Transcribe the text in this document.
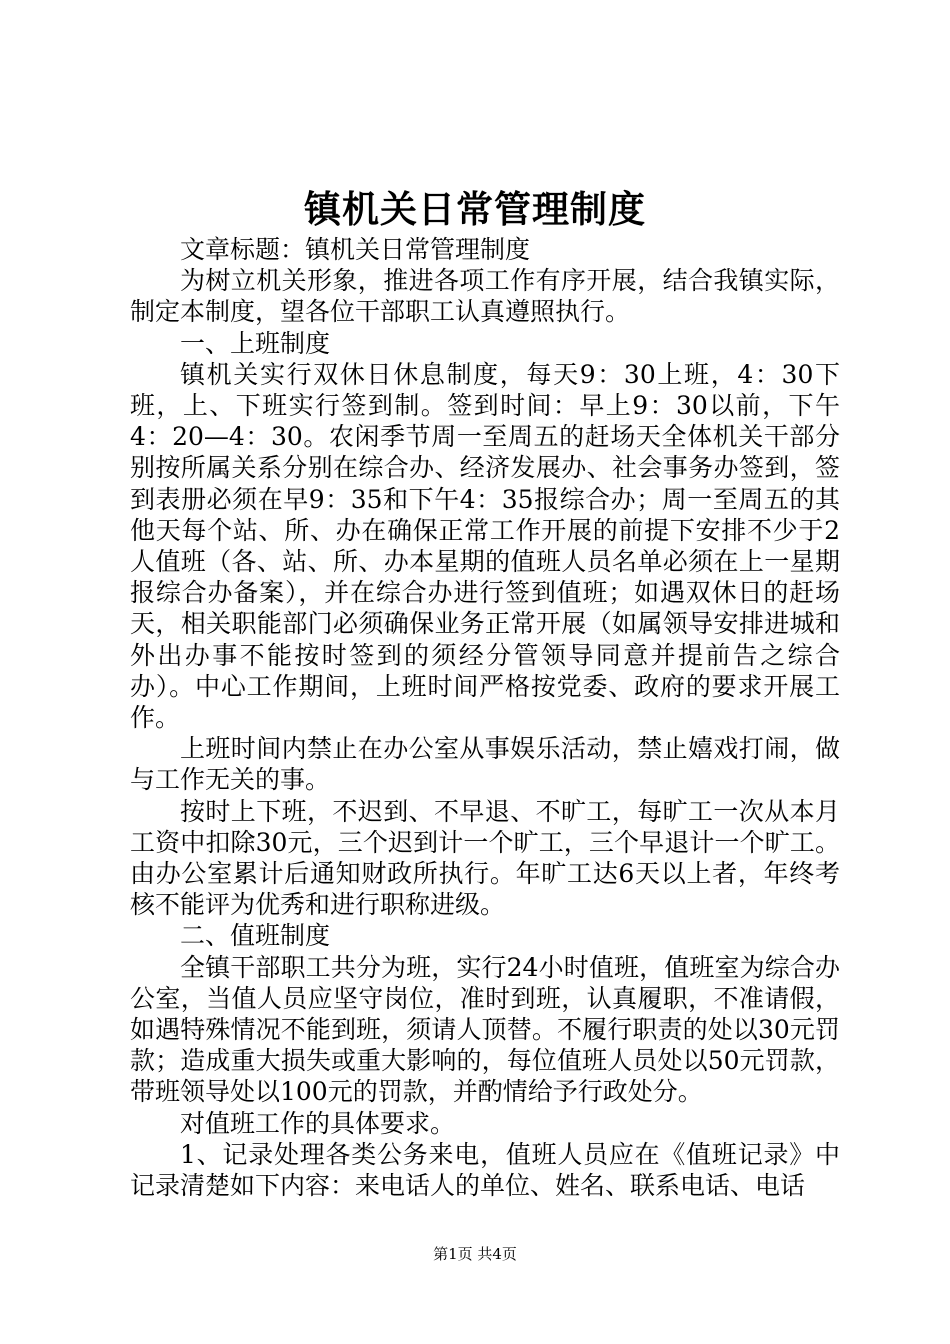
镇机关日常管理制度

文章标题：镇机关日常管理制度

为树立机关形象，推进各项工作有序开展，结合我镇实际，制定本制度，望各位干部职工认真遵照执行。

一、上班制度

镇机关实行双休日休息制度，每天9：30上班，4：30下班，上、下班实行签到制。签到时间：早上9：30以前，下午4：20—4：30。农闲季节周一至周五的赶场天全体机关干部分别按所属关系分别在综合办、经济发展办、社会事务办签到，签到表册必须在早9：35和下午4：35报综合办；周一至周五的其他天每个站、所、办在确保正常工作开展的前提下安排不少于2人值班（各、站、所、办本星期的值班人员名单必须在上一星期报综合办备案），并在综合办进行签到值班；如遇双休日的赶场天，相关职能部门必须确保业务正常开展（如属领导安排进城和外出办事不能按时签到的须经分管领导同意并提前告之综合办）。中心工作期间，上班时间严格按党委、政府的要求开展工作。

上班时间内禁止在办公室从事娱乐活动，禁止嬉戏打闹，做与工作无关的事。

按时上下班，不迟到、不早退、不旷工，每旷工一次从本月工资中扣除30元，三个迟到计一个旷工，三个早退计一个旷工。由办公室累计后通知财政所执行。年旷工达6天以上者，年终考核不能评为优秀和进行职称进级。

二、值班制度

全镇干部职工共分为班，实行24小时值班，值班室为综合办公室，当值人员应坚守岗位，准时到班，认真履职，不准请假，如遇特殊情况不能到班，须请人顶替。不履行职责的处以30元罚款；造成重大损失或重大影响的，每位值班人员处以50元罚款，带班领导处以100元的罚款，并酌情给予行政处分。

对值班工作的具体要求。

1、记录处理各类公务来电，值班人员应在《值班记录》中记录清楚如下内容：来电话人的单位、姓名、联系电话、电话

第1页 共4页
